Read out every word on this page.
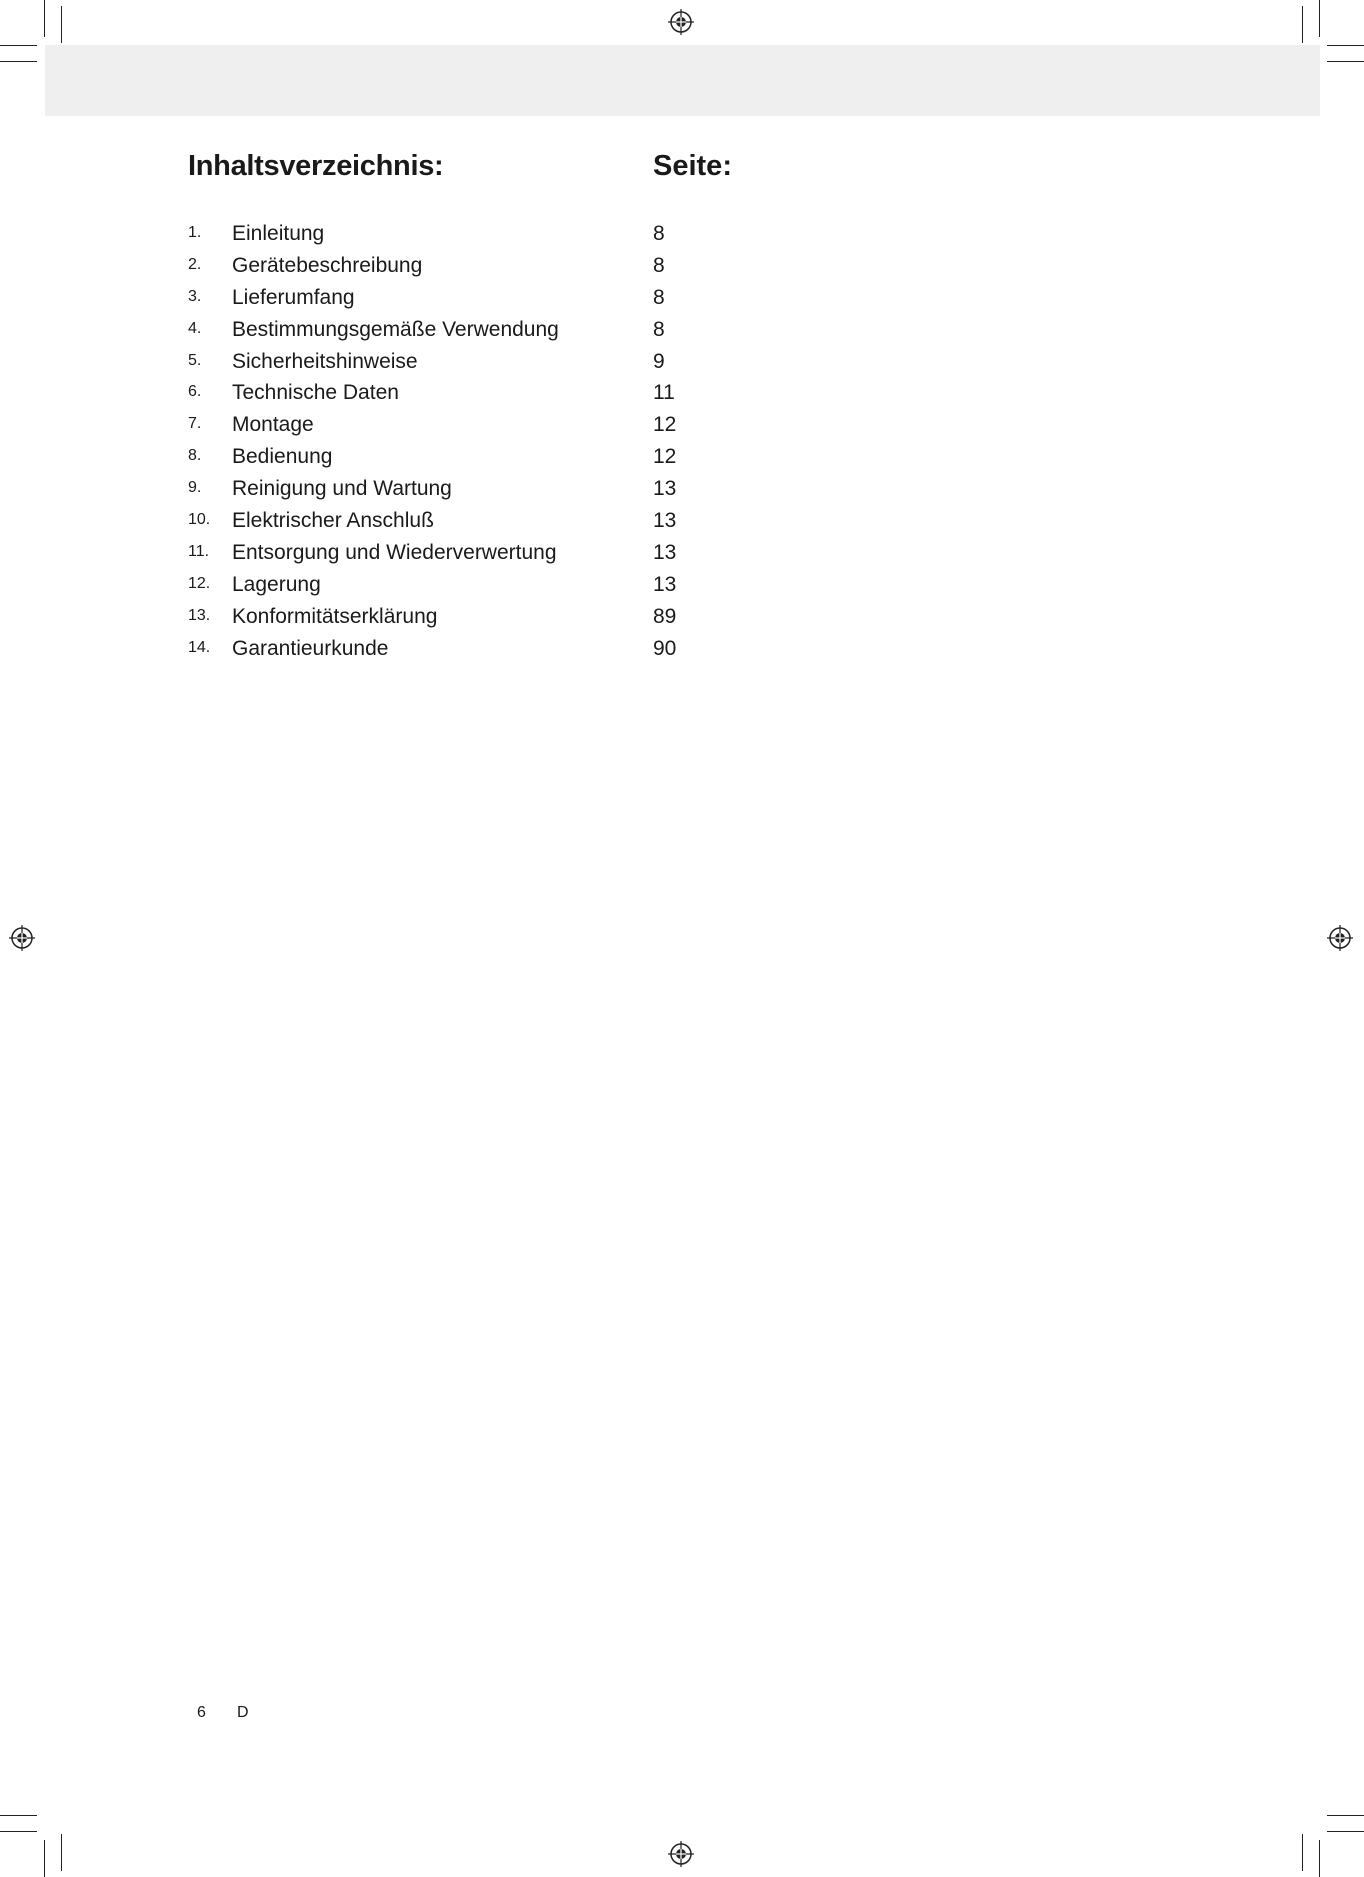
Inhaltsverzeichnis:	Seite:
1. Einleitung	8
2. Gerätebeschreibung	8
3. Lieferumfang	8
4. Bestimmungsgemäße Verwendung	8
5. Sicherheitshinweise	9
6. Technische Daten	11
7. Montage	12
8. Bedienung	12
9. Reinigung und Wartung	13
10. Elektrischer Anschluß	13
11. Entsorgung und Wiederverwertung	13
12. Lagerung	13
13. Konformitätserklärung	89
14. Garantieurkunde	90
6 D
